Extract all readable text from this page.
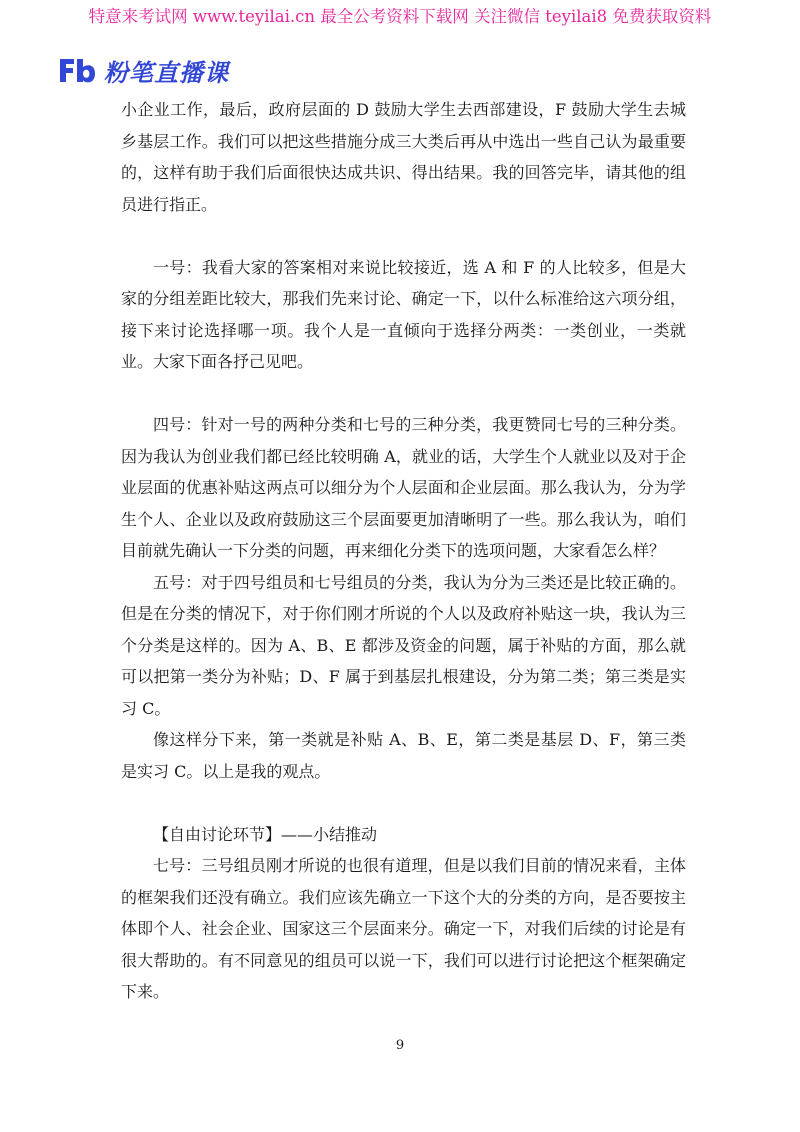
特意来考试网 www.teyilai.cn 最全公考资料下载网 关注微信 teyilai8 免费获取资料
粉笔直播课

小企业工作，最后，政府层面的 D 鼓励大学生去西部建设，F 鼓励大学生去城乡基层工作。我们可以把这些措施分成三大类后再从中选出一些自己认为最重要的，这样有助于我们后面很快达成共识、得出结果。我的回答完毕，请其他的组员进行指正。

一号：我看大家的答案相对来说比较接近，选 A 和 F 的人比较多，但是大家的分组差距比较大，那我们先来讨论、确定一下，以什么标准给这六项分组，接下来讨论选择哪一项。我个人是一直倾向于选择分两类：一类创业，一类就业。大家下面各抒己见吧。

四号：针对一号的两种分类和七号的三种分类，我更赞同七号的三种分类。因为我认为创业我们都已经比较明确 A，就业的话，大学生个人就业以及对于企业层面的优惠补贴这两点可以细分为个人层面和企业层面。那么我认为，分为学生个人、企业以及政府鼓励这三个层面要更加清晰明了一些。那么我认为，咱们目前就先确认一下分类的问题，再来细化分类下的选项问题，大家看怎么样？

五号：对于四号组员和七号组员的分类，我认为分为三类还是比较正确的。但是在分类的情况下，对于你们刚才所说的个人以及政府补贴这一块，我认为三个分类是这样的。因为 A、B、E 都涉及资金的问题，属于补贴的方面，那么就可以把第一类分为补贴；D、F 属于到基层扎根建设，分为第二类；第三类是实习 C。

像这样分下来，第一类就是补贴 A、B、E，第二类是基层 D、F，第三类是实习 C。以上是我的观点。

【自由讨论环节】——小结推动

七号：三号组员刚才所说的也很有道理，但是以我们目前的情况来看，主体的框架我们还没有确立。我们应该先确立一下这个大的分类的方向，是否要按主体即个人、社会企业、国家这三个层面来分。确定一下，对我们后续的讨论是有很大帮助的。有不同意见的组员可以说一下，我们可以进行讨论把这个框架确定下来。

9
